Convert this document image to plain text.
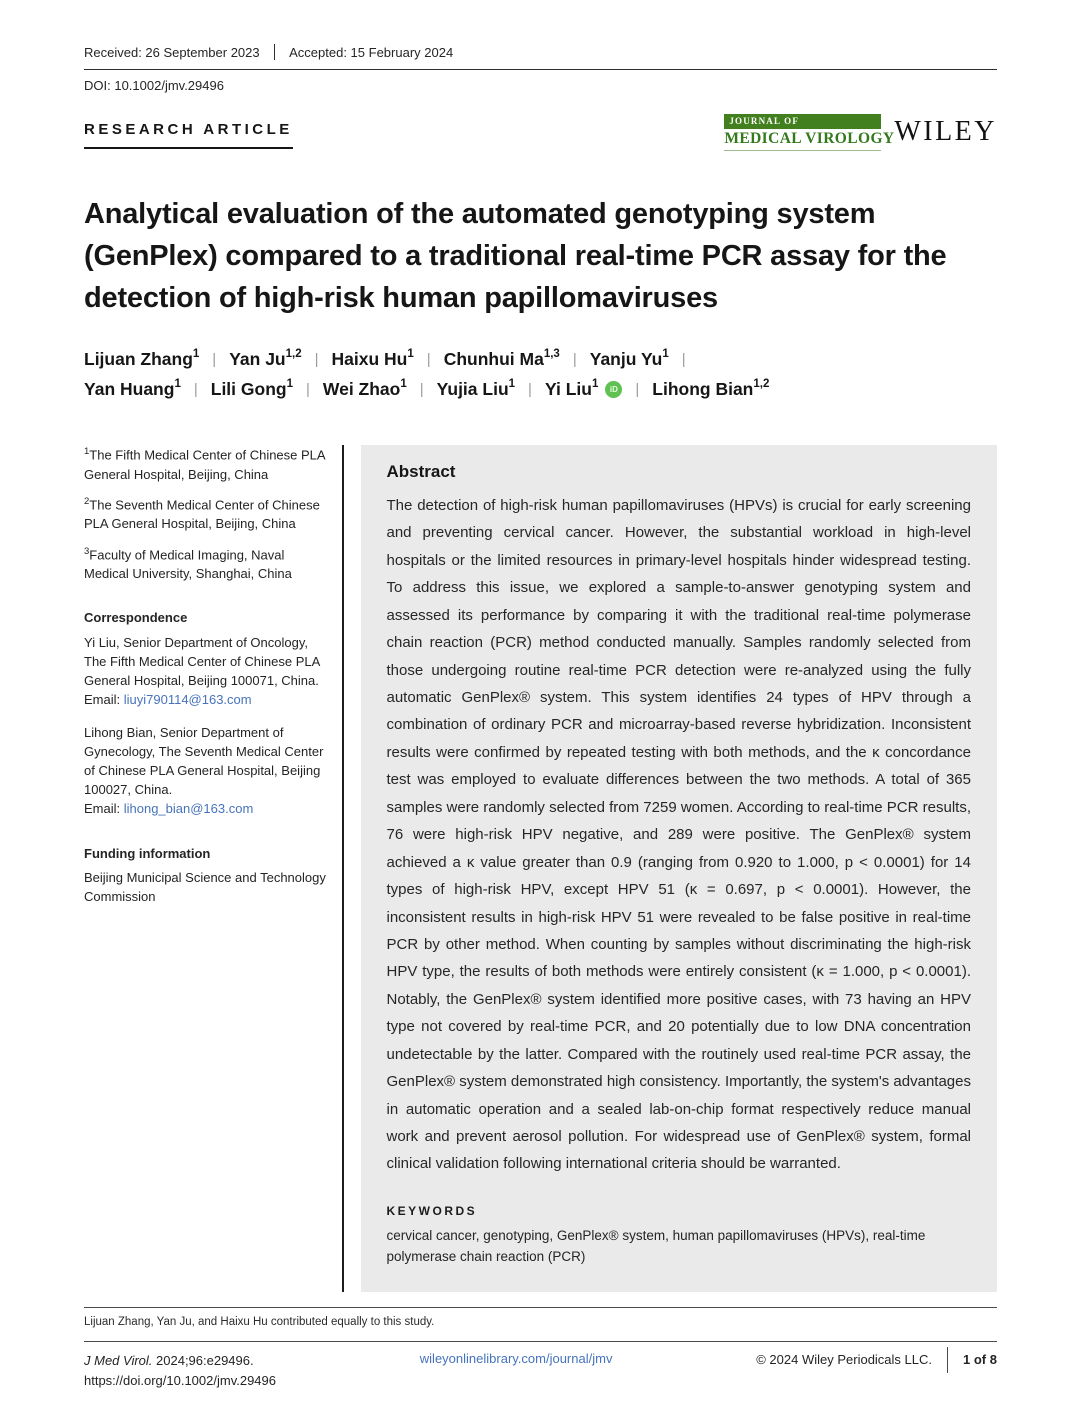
Received: 26 September 2023 Accepted: 15 February 2024
DOI: 10.1002/jmv.29496
RESEARCH ARTICLE	JOURNAL OF
MEDICAL VIROLOGY WILEY
Analytical evaluation of the automated genotyping system (GenPlex) compared to a traditional real-time PCR assay for the detection of high-risk human papillomaviruses
Lijuan Zhang$^1$ | Yan Ju$^{1,2}$ | Haixu Hu$^1$ | Chunhui Ma$^{1,3}$ | Yanju Yu$^1$ |
Yan Huang$^1$ | Lili Gong$^1$ | Wei Zhao$^1$ | Yujia Liu$^1$ | Yi Liu$^1$	iD	| Lihong Bian$^{1,2}$
$^1$The Fifth Medical Center of Chinese PLA General Hospital, Beijing, China
$^2$The Seventh Medical Center of Chinese PLA General Hospital, Beijing, China
$^3$Faculty of Medical Imaging, Naval Medical University, Shanghai, China
Correspondence
Yi Liu, Senior Department of Oncology, The Fifth Medical Center of Chinese PLA General Hospital, Beijing 100071, China.
Email: liuyi790114@163.com
Lihong Bian, Senior Department of Gynecology, The Seventh Medical Center of Chinese PLA General Hospital, Beijing 100027, China.
Email: lihong_bian@163.com
Funding information
Beijing Municipal Science and Technology Commission
Abstract

The detection of high-risk human papillomaviruses (HPVs) is crucial for early screening and preventing cervical cancer. However, the substantial workload in high-level hospitals or the limited resources in primary-level hospitals hinder widespread testing. To address this issue, we explored a sample-to-answer genotyping system and assessed its performance by comparing it with the traditional real-time polymerase chain reaction (PCR) method conducted manually. Samples randomly selected from those undergoing routine real-time PCR detection were re-analyzed using the fully automatic GenPlex® system. This system identifies 24 types of HPV through a combination of ordinary PCR and microarray-based reverse hybridization. Inconsistent results were confirmed by repeated testing with both methods, and the κ concordance test was employed to evaluate differences between the two methods. A total of 365 samples were randomly selected from 7259 women. According to real-time PCR results, 76 were high-risk HPV negative, and 289 were positive. The GenPlex® system achieved a κ value greater than 0.9 (ranging from 0.920 to 1.000, p < 0.0001) for 14 types of high-risk HPV, except HPV 51 (κ = 0.697, p < 0.0001). However, the inconsistent results in high-risk HPV 51 were revealed to be false positive in real-time PCR by other method. When counting by samples without discriminating the high-risk HPV type, the results of both methods were entirely consistent (κ = 1.000, p < 0.0001). Notably, the GenPlex® system identified more positive cases, with 73 having an HPV type not covered by real-time PCR, and 20 potentially due to low DNA concentration undetectable by the latter. Compared with the routinely used real-time PCR assay, the GenPlex® system demonstrated high consistency. Importantly, the system's advantages in automatic operation and a sealed lab-on-chip format respectively reduce manual work and prevent aerosol pollution. For widespread use of GenPlex® system, formal clinical validation following international criteria should be warranted.

KEYWORDS

cervical cancer, genotyping, GenPlex® system, human papillomaviruses (HPVs), real-time polymerase chain reaction (PCR)

Lijuan Zhang, Yan Ju, and Haixu Hu contributed equally to this study.
J Med Virol. 2024;96:e29496.
https://doi.org/10.1002/jmv.29496
wileyonlinelibrary.com/journal/jmv	© 2024 Wiley Periodicals LLC. 1 of 8
